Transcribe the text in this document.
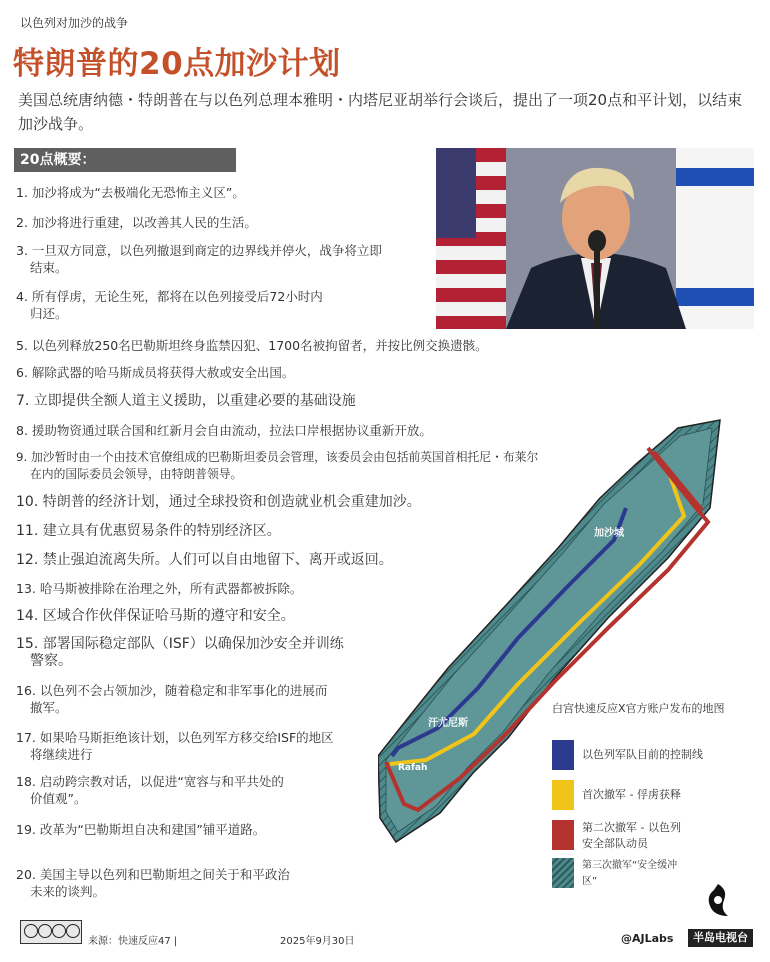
以色列对加沙的战争
特朗普的20点加沙计划
美国总统唐纳德・特朗普在与以色列总理本雅明・内塔尼亚胡举行会谈后，提出了一项20点和平计划，以结束加沙战争。
20点概要：
1. 加沙将成为“去极端化无恐怖主义区”。
2. 加沙将进行重建，以改善其人民的生活。
3. 一旦双方同意，以色列撤退到商定的边界线并停火，战争将立即
结束。
4. 所有俘虏，无论生死，都将在以色列接受后72小时内
归还。
5. 以色列释放250名巴勒斯坦终身监禁囚犯、1700名被拘留者，并按比例交换遗骸。
6. 解除武器的哈马斯成员将获得大赦或安全出国。
7. 立即提供全额人道主义援助，以重建必要的基础设施
8. 援助物资通过联合国和红新月会自由流动，拉法口岸根据协议重新开放。
9. 加沙暂时由一个由技术官僚组成的巴勒斯坦委员会管理，该委员会由包括前英国首相托尼・布莱尔
在内的国际委员会领导，由特朗普领导。
10. 特朗普的经济计划，通过全球投资和创造就业机会重建加沙。
11. 建立具有优惠贸易条件的特别经济区。
12. 禁止强迫流离失所。人们可以自由地留下、离开或返回。
13. 哈马斯被排除在治理之外，所有武器都被拆除。
14. 区域合作伙伴保证哈马斯的遵守和安全。
15. 部署国际稳定部队（ISF）以确保加沙安全并训练
警察。
16. 以色列不会占领加沙，随着稳定和非军事化的进展而
撤军。
17. 如果哈马斯拒绝该计划，以色列军方移交给ISF的地区
将继续进行
18. 启动跨宗教对话，以促进“宽容与和平共处的
价值观”。
19. 改革为“巴勒斯坦自决和建国”铺平道路。
20. 美国主导以色列和巴勒斯坦之间关于和平政治
未来的谈判。
加沙城
汗尤尼斯
Rafah
白宫快速反应X官方账户发布的地图
以色列军队目前的控制线
首次撤军 - 俘虏获释
第二次撤军 - 以色列
安全部队动员
第三次撤军“安全缓冲
区”
来源：快速反应47 |	2025年9月30日	@AJLabs	半岛电视台
